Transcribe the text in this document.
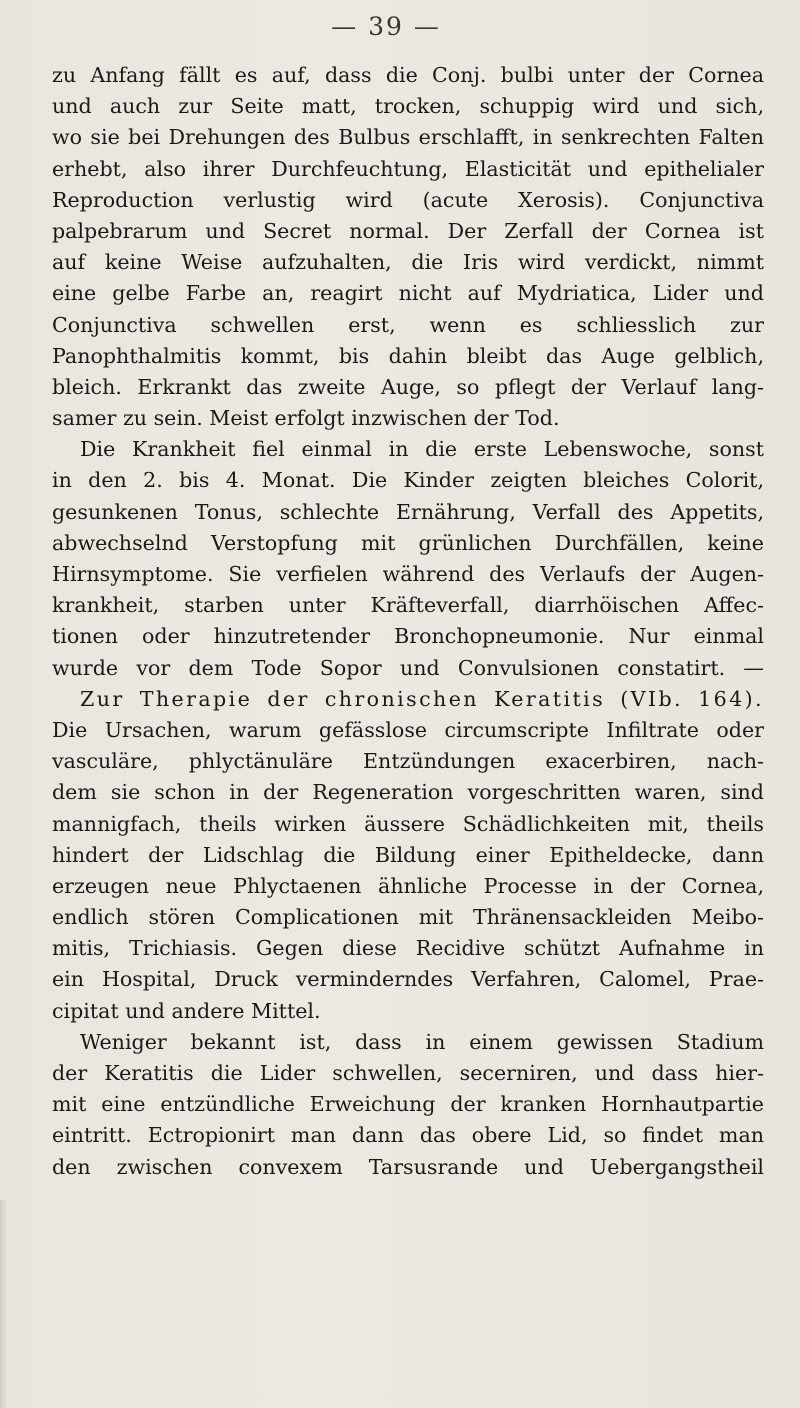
— 39 —
zu Anfang fällt es auf, dass die Conj. bulbi unter der Cornea
und auch zur Seite matt, trocken, schuppig wird und sich,
wo sie bei Drehungen des Bulbus erschlafft, in senkrechten Falten
erhebt, also ihrer Durchfeuchtung, Elasticität und epithelialer
Reproduction verlustig wird (acute Xerosis). Conjunctiva
palpebrarum und Secret normal. Der Zerfall der Cornea ist
auf keine Weise aufzuhalten, die Iris wird verdickt, nimmt
eine gelbe Farbe an, reagirt nicht auf Mydriatica, Lider und
Conjunctiva schwellen erst, wenn es schliesslich zur
Panophthalmitis kommt, bis dahin bleibt das Auge gelblich,
bleich. Erkrankt das zweite Auge, so pflegt der Verlauf lang-
samer zu sein. Meist erfolgt inzwischen der Tod.
Die Krankheit fiel einmal in die erste Lebenswoche, sonst
in den 2. bis 4. Monat. Die Kinder zeigten bleiches Colorit,
gesunkenen Tonus, schlechte Ernährung, Verfall des Appetits,
abwechselnd Verstopfung mit grünlichen Durchfällen, keine
Hirnsymptome. Sie verfielen während des Verlaufs der Augen-
krankheit, starben unter Kräfteverfall, diarrhöischen Affec-
tionen oder hinzutretender Bronchopneumonie. Nur einmal
wurde vor dem Tode Sopor und Convulsionen constatirt. —
Zur Therapie der chronischen Keratitis (VIb. 164).
Die Ursachen, warum gefässlose circumscripte Infiltrate oder
vasculäre, phlyctänuläre Entzündungen exacerbiren, nach-
dem sie schon in der Regeneration vorgeschritten waren, sind
mannigfach, theils wirken äussere Schädlichkeiten mit, theils
hindert der Lidschlag die Bildung einer Epitheldecke, dann
erzeugen neue Phlyctaenen ähnliche Processe in der Cornea,
endlich stören Complicationen mit Thränensackleiden Meibo-
mitis, Trichiasis. Gegen diese Recidive schützt Aufnahme in
ein Hospital, Druck verminderndes Verfahren, Calomel, Prae-
cipitat und andere Mittel.
Weniger bekannt ist, dass in einem gewissen Stadium
der Keratitis die Lider schwellen, secerniren, und dass hier-
mit eine entzündliche Erweichung der kranken Hornhautpartie
eintritt. Ectropionirt man dann das obere Lid, so findet man
den zwischen convexem Tarsusrande und Uebergangstheil
